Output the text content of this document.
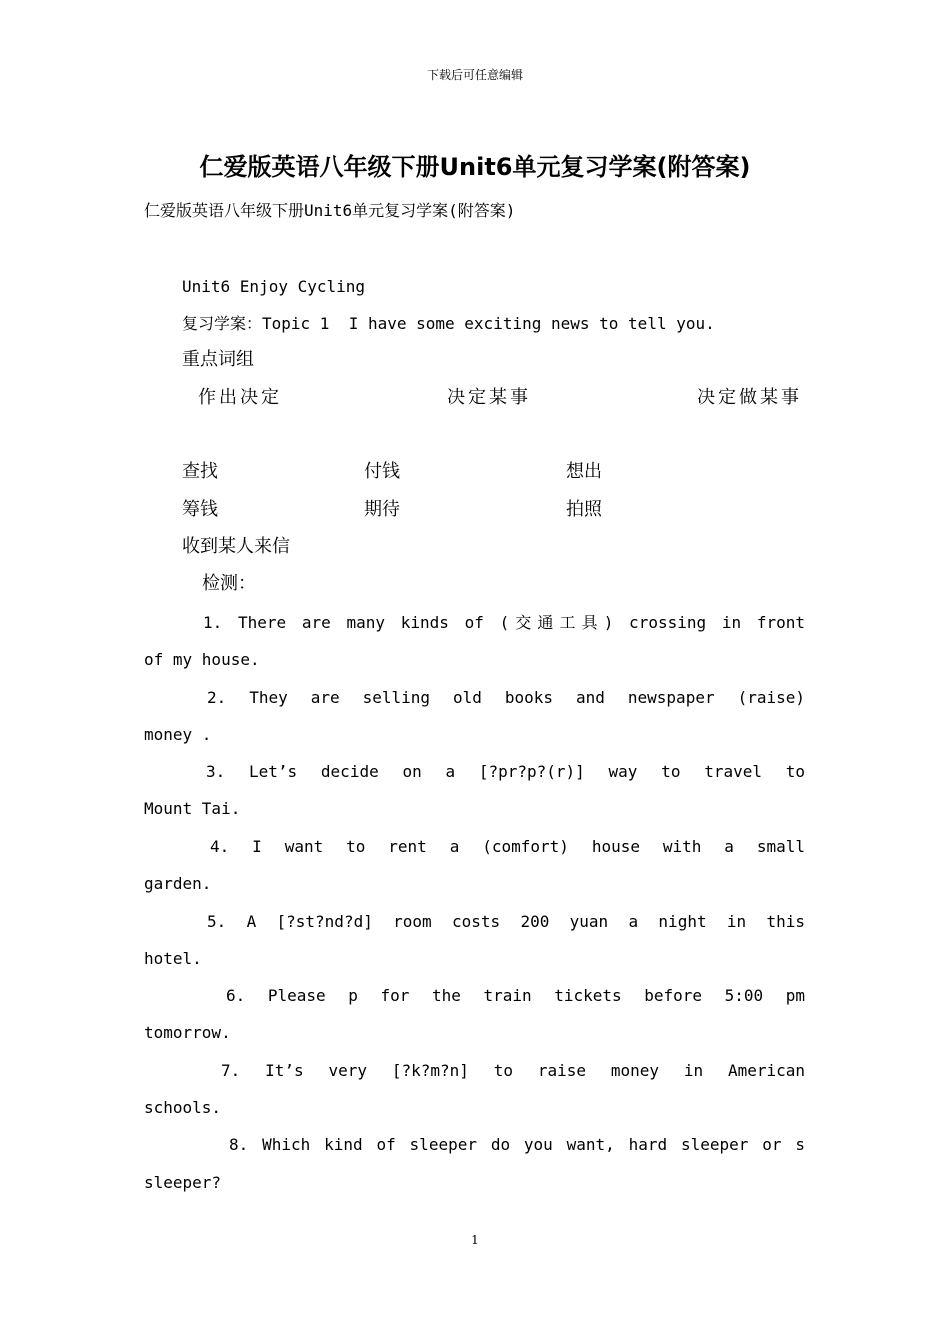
下载后可任意编辑
仁爱版英语八年级下册Unit6单元复习学案(附答案)
仁爱版英语八年级下册Unit6单元复习学案(附答案)
Unit6 Enjoy Cycling
复习学案：Topic 1  I have some exciting news to tell you.
重点词组
作出决定	决定某事	决定做某事
查找	付钱	想出
筹钱	期待	拍照
收到某人来信
检测：
1. There are many kinds of (交通工具) crossing in front
of my house.
2. They are selling old books and newspaper (raise)
money .
3. Let’s decide on a [?pr?p?(r)] way to travel to
Mount Tai.
4. I want to rent a (comfort) house with a small
garden.
5. A [?st?nd?d] room costs 200 yuan a night in this
hotel.
6. Please p for the train tickets before 5:00 pm
tomorrow.
7. It’s very [?k?m?n] to raise money in American
schools.
8. Which kind of sleeper do you want, hard sleeper or s
sleeper?
1
